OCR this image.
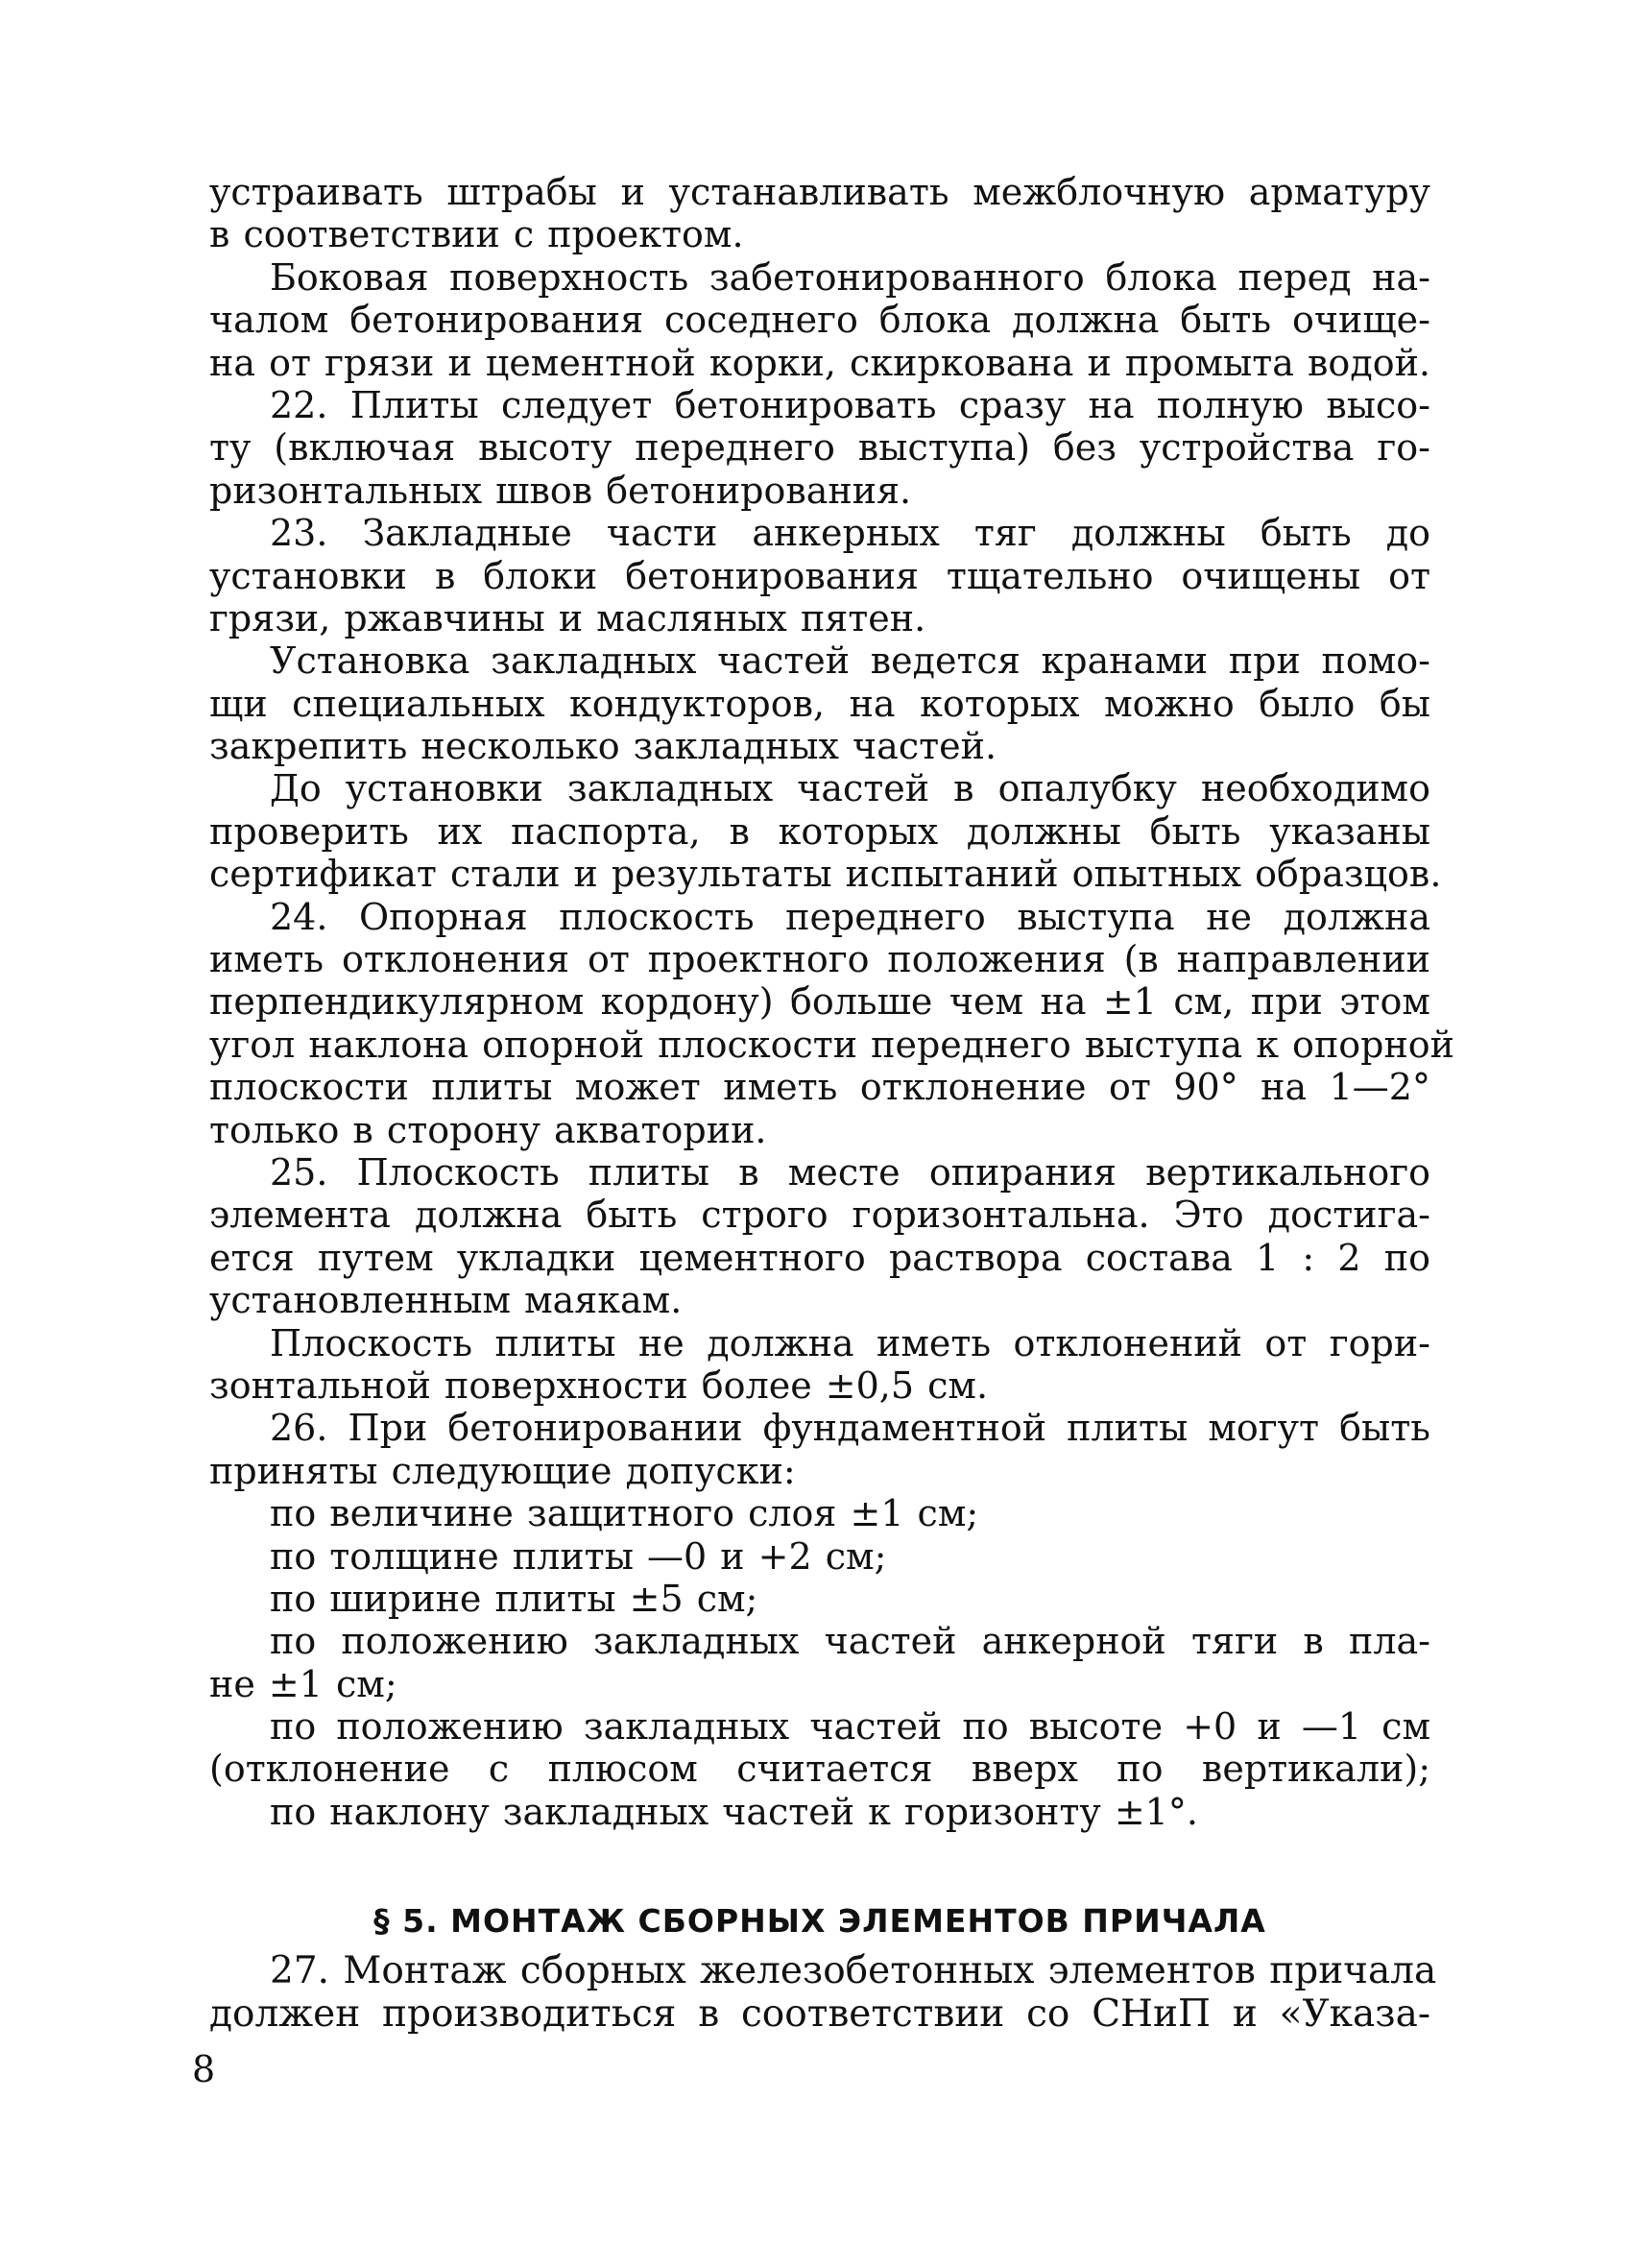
устраивать штрабы и устанавливать межблочную арматуру
в соответствии с проектом.
Боковая поверхность забетонированного блока перед на-
чалом бетонирования соседнего блока должна быть очище-
на от грязи и цементной корки, скиркована и промыта водой.
22. Плиты следует бетонировать сразу на полную высо-
ту (включая высоту переднего выступа) без устройства го-
ризонтальных швов бетонирования.
23. Закладные части анкерных тяг должны быть до
установки в блоки бетонирования тщательно очищены от
грязи, ржавчины и масляных пятен.
Установка закладных частей ведется кранами при помо-
щи специальных кондукторов, на которых можно было бы
закрепить несколько закладных частей.
До установки закладных частей в опалубку необходимо
проверить их паспорта, в которых должны быть указаны
сертификат стали и результаты испытаний опытных образцов.
24. Опорная плоскость переднего выступа не должна
иметь отклонения от проектного положения (в направлении
перпендикулярном кордону) больше чем на ±1 см, при этом
угол наклона опорной плоскости переднего выступа к опорной
плоскости плиты может иметь отклонение от 90° на 1—2°
только в сторону акватории.
25. Плоскость плиты в месте опирания вертикального
элемента должна быть строго горизонтальна. Это достига-
ется путем укладки цементного раствора состава 1 : 2 по
установленным маякам.
Плоскость плиты не должна иметь отклонений от гори-
зонтальной поверхности более ±0,5 см.
26. При бетонировании фундаментной плиты могут быть
приняты следующие допуски:
по величине защитного слоя ±1 см;
по толщине плиты —0 и +2 см;
по ширине плиты ±5 см;
по положению закладных частей анкерной тяги в пла-
не ±1 см;
по положению закладных частей по высоте +0 и —1 см
(отклонение с плюсом считается вверх по вертикали);
по наклону закладных частей к горизонту ±1°.
§ 5. МОНТАЖ СБОРНЫХ ЭЛЕМЕНТОВ ПРИЧАЛА
27. Монтаж сборных железобетонных элементов причала
должен производиться в соответствии со СНиП и «Указа-
8
